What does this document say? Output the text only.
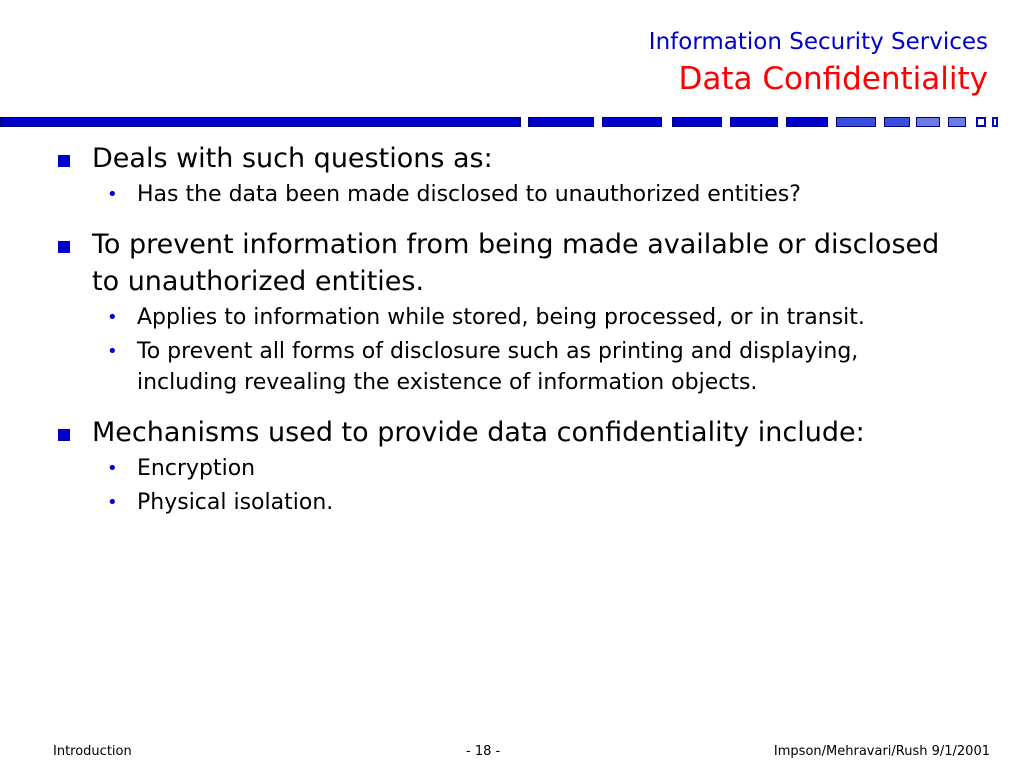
Information Security Services
Data Confidentiality
Deals with such questions as:
• Has the data been made disclosed to unauthorized entities?
To prevent information from being made available or disclosed to unauthorized entities.
• Applies to information while stored, being processed, or in transit.
• To prevent all forms of disclosure such as printing and displaying, including revealing the existence of information objects.
Mechanisms used to provide data confidentiality include:
• Encryption
• Physical isolation.
Introduction	- 18 -	Impson/Mehravari/Rush 9/1/2001
